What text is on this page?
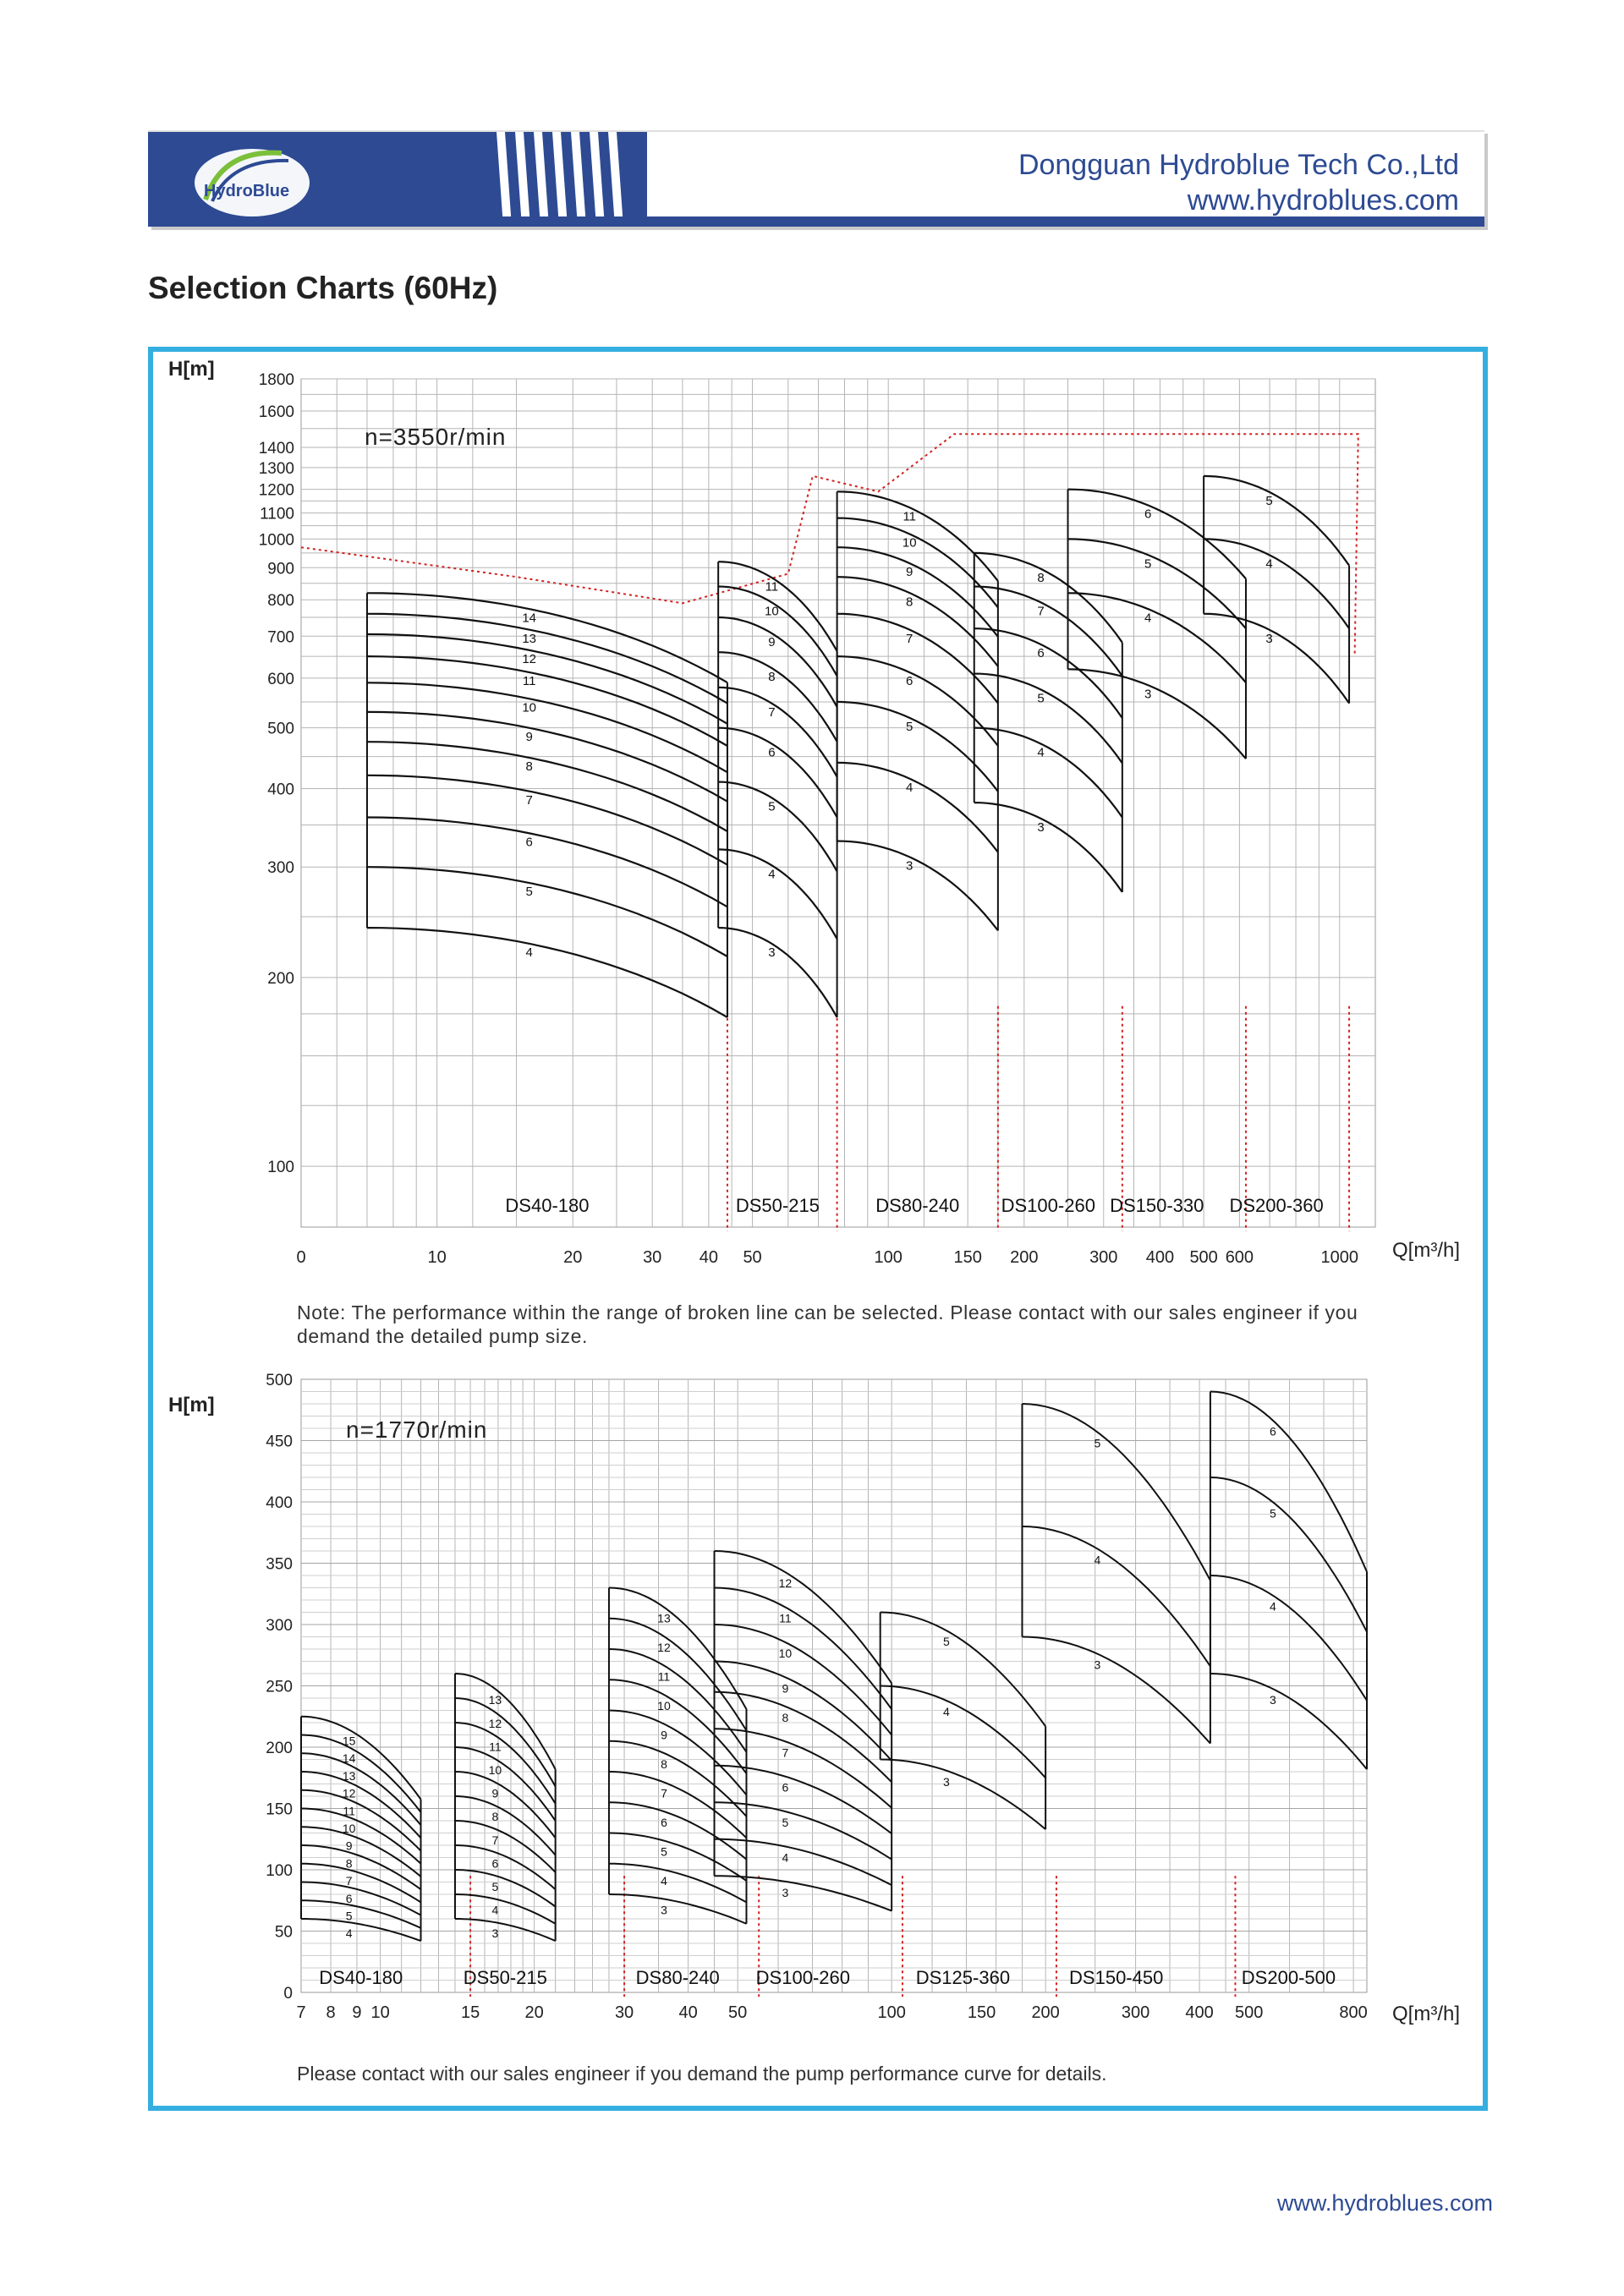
HydroBlue
Dongguan Hydroblue Tech Co.,Ltd
www.hydroblues.com
Selection Charts (60Hz)
4
5
6
7
8
9
10
11
12
13
14
3
4
5
6
7
8
9
10
11
3
4
5
6
7
8
9
10
11
3
4
5
6
7
8
3
4
5
6
3
4
5
100
200
300
400
500
600
700
800
900
1000
1100
1200
1300
1400
1600
1800
0	10	20	30 40 50	100	150 200	300 400 500 600	1000
DS40-180	DS50-215	DS80-240 DS100-260 DS150-330 DS200-360
H[m]
n=3550r/min
Q[m³/h]
Note: The performance within the range of broken line can be selected. Please contact with our sales engineer if you demand the detailed pump size.
4
5
6
7
8
9
10
11
12
13
14
15
3
4
5
6
7
8
9
10
11
12
13
3
4
5
6
7
8
9
10
11
12
13
3
4
5
6
7
8
9
10
11
12
3
4
5
3
4
5
3
4
5
6
0
50
100
150
200
250
300
350
400
450
500
7 8 9 10	15	20	30	40 50	100	150 200	300 400 500	800
DS40-180	DS50-215	DS80-240 DS100-260	DS125-360	DS150-450	DS200-500
H[m]
n=1770r/min
Q[m³/h]
Please contact with our sales engineer if you demand the pump performance curve for details.
www.hydroblues.com
